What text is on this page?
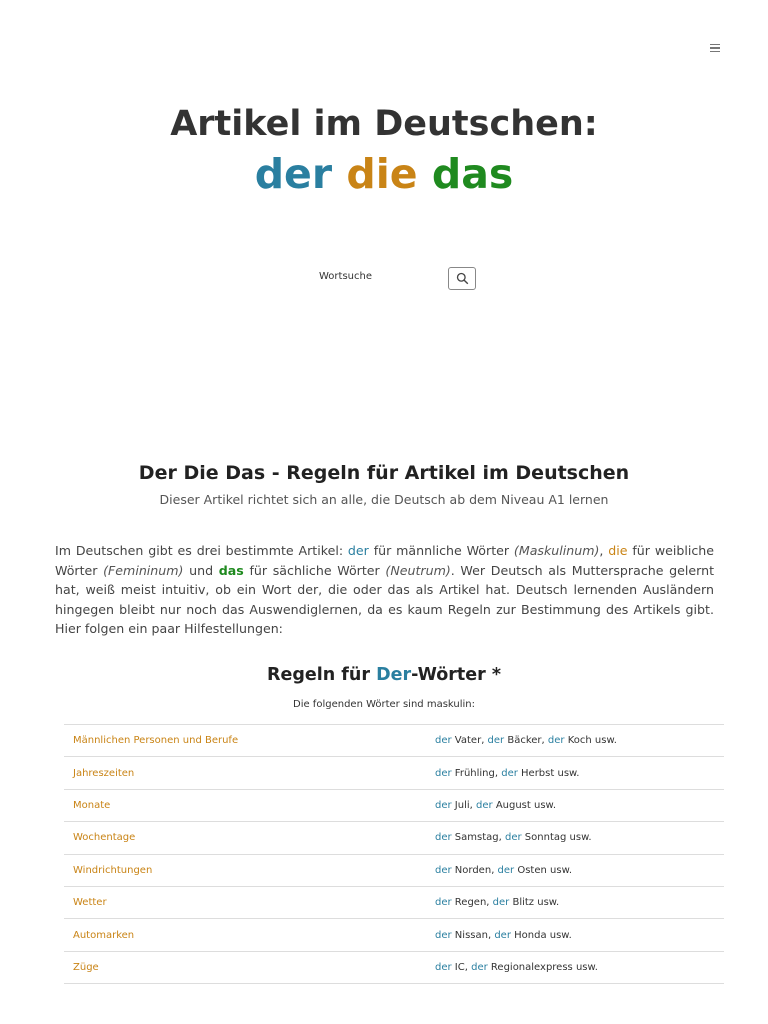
Artikel im Deutschen:
der die das
Wortsuche
Der Die Das - Regeln für Artikel im Deutschen
Dieser Artikel richtet sich an alle, die Deutsch ab dem Niveau A1 lernen
Im Deutschen gibt es drei bestimmte Artikel: der für männliche Wörter (Maskulinum), die für weibliche Wörter (Femininum) und das für sächliche Wörter (Neutrum). Wer Deutsch als Muttersprache gelernt hat, weiß meist intuitiv, ob ein Wort der, die oder das als Artikel hat. Deutsch lernenden Ausländern hingegen bleibt nur noch das Auswendiglernen, da es kaum Regeln zur Bestimmung des Artikels gibt. Hier folgen ein paar Hilfestellungen:
Regeln für Der-Wörter *
Die folgenden Wörter sind maskulin:
Männlichen Personen und Berufe	der Vater, der Bäcker, der Koch usw.
Jahreszeiten	der Frühling, der Herbst usw.
Monate	der Juli, der August usw.
Wochentage	der Samstag, der Sonntag usw.
Windrichtungen	der Norden, der Osten usw.
Wetter	der Regen, der Blitz usw.
Automarken	der Nissan, der Honda usw.
Züge	der IC, der Regionalexpress usw.
